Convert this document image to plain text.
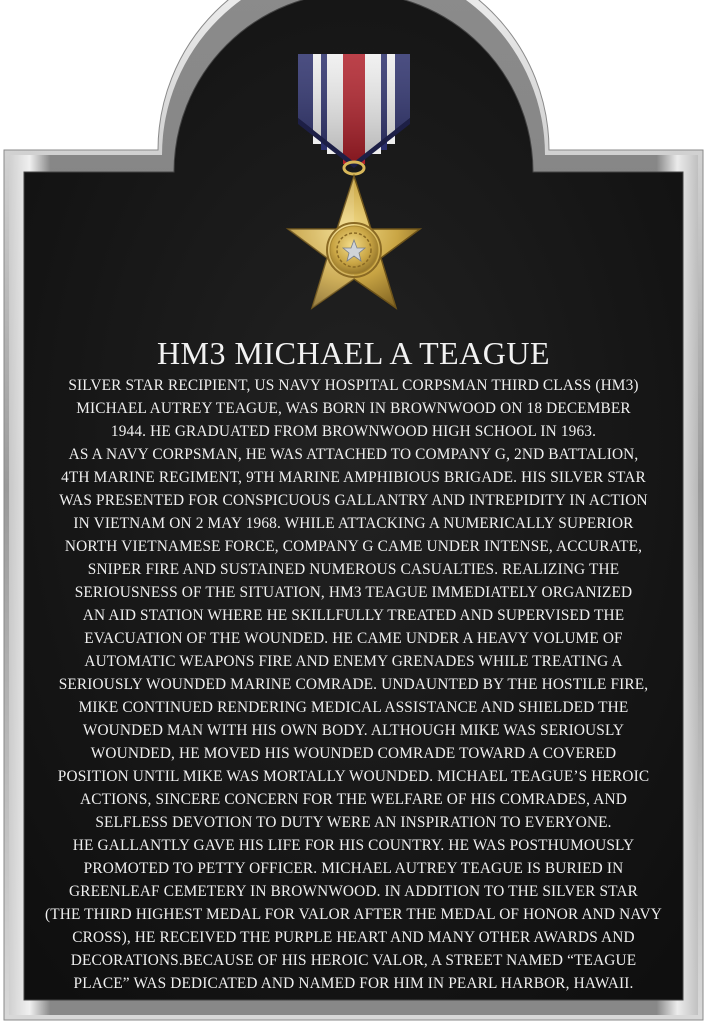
HM3 MICHAEL A TEAGUE
SILVER STAR RECIPIENT, US NAVY HOSPITAL CORPSMAN THIRD CLASS (HM3)
MICHAEL AUTREY TEAGUE, WAS BORN IN BROWNWOOD ON 18 DECEMBER
1944. HE GRADUATED FROM BROWNWOOD HIGH SCHOOL IN 1963.
AS A NAVY CORPSMAN, HE WAS ATTACHED TO COMPANY G, 2ND BATTALION,
4TH MARINE REGIMENT, 9TH MARINE AMPHIBIOUS BRIGADE. HIS SILVER STAR
WAS PRESENTED FOR CONSPICUOUS GALLANTRY AND INTREPIDITY IN ACTION
IN VIETNAM ON 2 MAY 1968. WHILE ATTACKING A NUMERICALLY SUPERIOR
NORTH VIETNAMESE FORCE, COMPANY G CAME UNDER INTENSE, ACCURATE,
SNIPER FIRE AND SUSTAINED NUMEROUS CASUALTIES. REALIZING THE
SERIOUSNESS OF THE SITUATION, HM3 TEAGUE IMMEDIATELY ORGANIZED
AN AID STATION WHERE HE SKILLFULLY TREATED AND SUPERVISED THE
EVACUATION OF THE WOUNDED. HE CAME UNDER A HEAVY VOLUME OF
AUTOMATIC WEAPONS FIRE AND ENEMY GRENADES WHILE TREATING A
SERIOUSLY WOUNDED MARINE COMRADE. UNDAUNTED BY THE HOSTILE FIRE,
MIKE CONTINUED RENDERING MEDICAL ASSISTANCE AND SHIELDED THE
WOUNDED MAN WITH HIS OWN BODY. ALTHOUGH MIKE WAS SERIOUSLY
WOUNDED, HE MOVED HIS WOUNDED COMRADE TOWARD A COVERED
POSITION UNTIL MIKE WAS MORTALLY WOUNDED. MICHAEL TEAGUE’S HEROIC
ACTIONS, SINCERE CONCERN FOR THE WELFARE OF HIS COMRADES, AND
SELFLESS DEVOTION TO DUTY WERE AN INSPIRATION TO EVERYONE.
HE GALLANTLY GAVE HIS LIFE FOR HIS COUNTRY. HE WAS POSTHUMOUSLY
PROMOTED TO PETTY OFFICER. MICHAEL AUTREY TEAGUE IS BURIED IN
GREENLEAF CEMETERY IN BROWNWOOD. IN ADDITION TO THE SILVER STAR
(THE THIRD HIGHEST MEDAL FOR VALOR AFTER THE MEDAL OF HONOR AND NAVY
CROSS), HE RECEIVED THE PURPLE HEART AND MANY OTHER AWARDS AND
DECORATIONS.BECAUSE OF HIS HEROIC VALOR, A STREET NAMED “TEAGUE
PLACE” WAS DEDICATED AND NAMED FOR HIM IN PEARL HARBOR, HAWAII.
